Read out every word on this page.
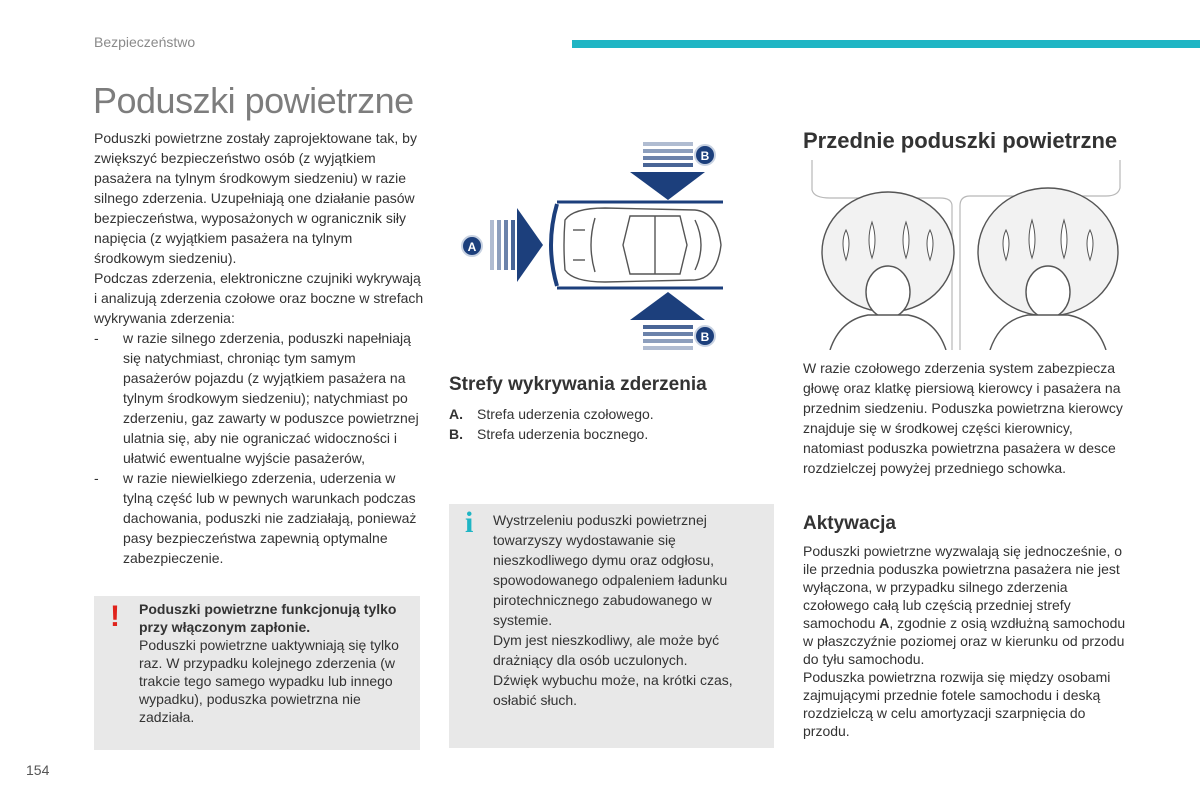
Bezpieczeństwo
Poduszki powietrzne

Poduszki powietrzne zostały zaprojektowane tak, by zwiększyć bezpieczeństwo osób (z wyjątkiem pasażera na tylnym środkowym siedzeniu) w razie silnego zderzenia. Uzupełniają one działanie pasów bezpieczeństwa, wyposażonych w ogranicznik siły napięcia (z wyjątkiem pasażera na tylnym środkowym siedzeniu).

Podczas zderzenia, elektroniczne czujniki wykrywają i analizują zderzenia czołowe oraz boczne w strefach wykrywania zderzenia:

- w razie silnego zderzenia, poduszki napełniają się natychmiast, chroniąc tym samym pasażerów pojazdu (z wyjątkiem pasażera na tylnym środkowym siedzeniu); natychmiast po zderzeniu, gaz zawarty w poduszce powietrznej ulatnia się, aby nie ograniczać widoczności i ułatwić ewentualne wyjście pasażerów,
- w razie niewielkiego zderzenia, uderzenia w tylną część lub w pewnych warunkach podczas dachowania, poduszki nie zadziałają, ponieważ pasy bezpieczeństwa zapewnią optymalne zabezpieczenie.
! Poduszki powietrzne funkcjonują tylko przy włączonym zapłonie.
Poduszki powietrzne uaktywniają się tylko raz. W przypadku kolejnego zderzenia (w trakcie tego samego wypadku lub innego wypadku), poduszka powietrzna nie zadziała.
B
A
B
Strefy wykrywania zderzenia
A. Strefa uderzenia czołowego.
B. Strefa uderzenia bocznego.
i Wystrzeleniu poduszki powietrznej towarzyszy wydostawanie się nieszkodliwego dymu oraz odgłosu, spowodowanego odpaleniem ładunku pirotechnicznego zabudowanego w systemie.

Dym jest nieszkodliwy, ale może być drażniący dla osób uczulonych.

Dźwięk wybuchu może, na krótki czas, osłabić słuch.

Przednie poduszki powietrzne
W razie czołowego zderzenia system zabezpiecza głowę oraz klatkę piersiową kierowcy i pasażera na przednim siedzeniu. Poduszka powietrzna kierowcy znajduje się w środkowej części kierownicy, natomiast poduszka powietrzna pasażera w desce rozdzielczej powyżej przedniego schowka.
Aktywacja

Poduszki powietrzne wyzwalają się jednocześnie, o ile przednia poduszka powietrzna pasażera nie jest wyłączona, w przypadku silnego zderzenia czołowego całą lub częścią przedniej strefy samochodu A, zgodnie z osią wzdłużną samochodu w płaszczyźnie poziomej oraz w kierunku od przodu do tyłu samochodu.

Poduszka powietrzna rozwija się między osobami zajmującymi przednie fotele samochodu i deską rozdzielczą w celu amortyzacji szarpnięcia do przodu.

154
